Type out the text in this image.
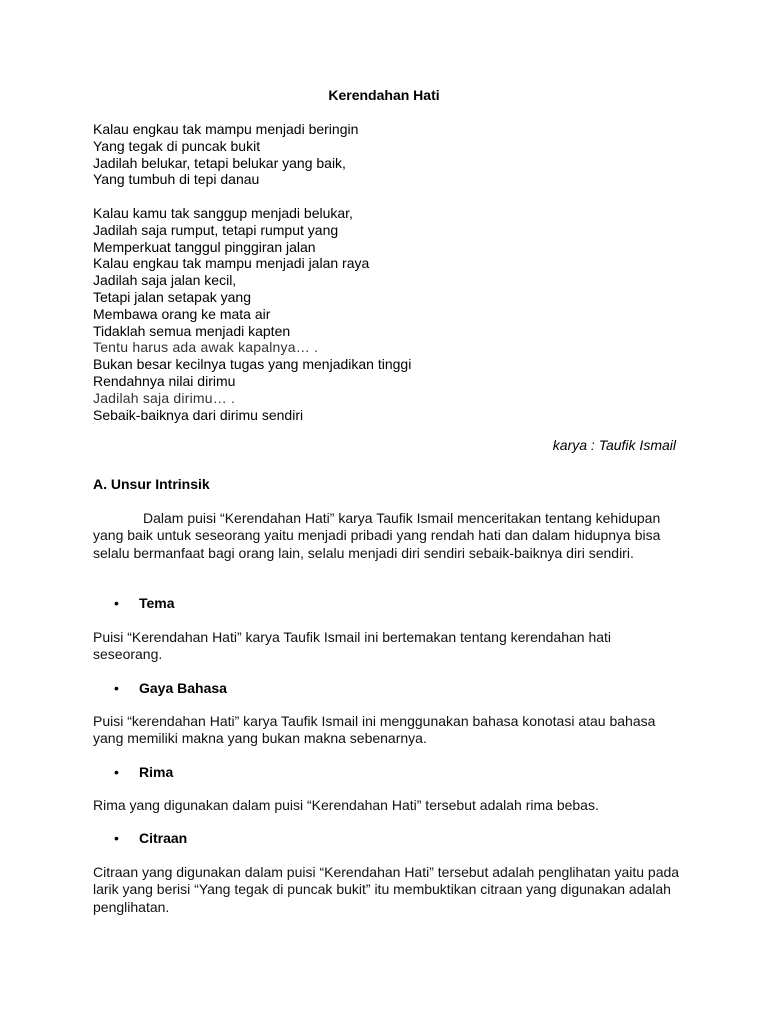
Kerendahan Hati
Kalau engkau tak mampu menjadi beringin
Yang tegak di puncak bukit
Jadilah belukar, tetapi belukar yang baik,
Yang tumbuh di tepi danau
Kalau kamu tak sanggup menjadi belukar,
Jadilah saja rumput, tetapi rumput yang
Memperkuat tanggul pinggiran jalan
Kalau engkau tak mampu menjadi jalan raya
Jadilah saja jalan kecil,
Tetapi jalan setapak yang
Membawa orang ke mata air
Tidaklah semua menjadi kapten
Tentu harus ada awak kapalnya… .
Bukan besar kecilnya tugas yang menjadikan tinggi
Rendahnya nilai dirimu
Jadilah saja dirimu… .
Sebaik-baiknya dari dirimu sendiri
karya : Taufik Ismail
A. Unsur Intrinsik
Dalam puisi “Kerendahan Hati” karya Taufik Ismail menceritakan tentang kehidupan yang baik untuk seseorang yaitu menjadi pribadi yang rendah hati dan dalam hidupnya bisa selalu bermanfaat bagi orang lain, selalu menjadi diri sendiri sebaik-baiknya diri sendiri.
• Tema
Puisi “Kerendahan Hati” karya Taufik Ismail ini bertemakan tentang kerendahan hati seseorang.
• Gaya Bahasa
Puisi “kerendahan Hati” karya Taufik Ismail ini menggunakan bahasa konotasi atau bahasa yang memiliki makna yang bukan makna sebenarnya.
• Rima
Rima yang digunakan dalam puisi “Kerendahan Hati” tersebut adalah rima bebas.
• Citraan
Citraan yang digunakan dalam puisi “Kerendahan Hati” tersebut adalah penglihatan yaitu pada larik yang berisi “Yang tegak di puncak bukit” itu membuktikan citraan yang digunakan adalah penglihatan.
